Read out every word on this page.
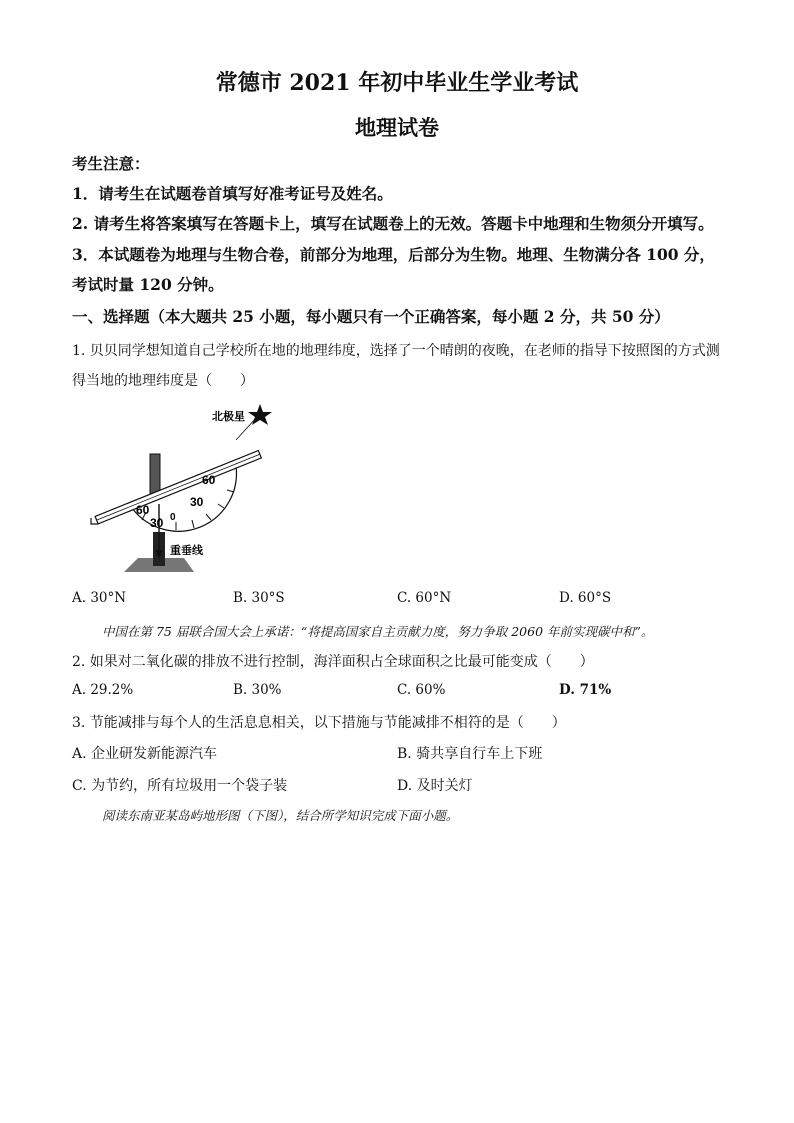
常德市 2021 年初中毕业生学业考试
地理试卷
考生注意：
1．请考生在试题卷首填写好准考证号及姓名。
2. 请考生将答案填写在答题卡上，填写在试题卷上的无效。答题卡中地理和生物须分开填写。
3．本试题卷为地理与生物合卷，前部分为地理，后部分为生物。地理、生物满分各 100 分，
考试时量 120 分钟。
一、选择题（本大题共 25 小题，每小题只有一个正确答案，每小题 2 分，共 50 分）
1. 贝贝同学想知道自己学校所在地的地理纬度，选择了一个晴朗的夜晚，在老师的指导下按照图的方式测
得当地的地理纬度是（　　）
60
30 0
30
60
北极星
重垂线
A. 30°N	B. 30°S	C. 60°N	D. 60°S
中国在第 75 届联合国大会上承诺：“将提高国家自主贡献力度，努力争取 2060 年前实现碳中和”。
2. 如果对二氧化碳的排放不进行控制，海洋面积占全球面积之比最可能变成（　　）
A. 29.2%	B. 30%	C. 60%	D. 71%
3. 节能减排与每个人的生活息息相关，以下措施与节能减排不相符的是（　　）
A. 企业研发新能源汽车	B. 骑共享自行车上下班
C. 为节约，所有垃圾用一个袋子装	D. 及时关灯
阅读东南亚某岛屿地形图（下图），结合所学知识完成下面小题。
